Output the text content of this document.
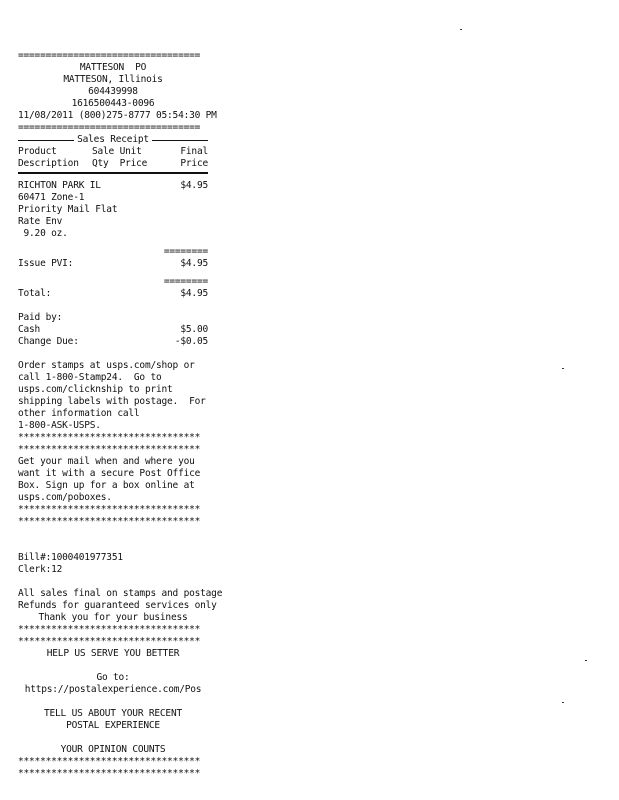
=================================
MATTESON  PO
MATTESON, Illinois
604439998
1616500443-0096
11/08/2011 (800)275-8777 05:54:30 PM
=================================
Sales Receipt
Product	Sale Unit	Final
Description	Qty  Price	Price
RICHTON PARK IL	$4.95
60471 Zone-1
Priority Mail Flat
Rate Env
9.20 oz.
========
Issue PVI:	$4.95
========
Total:	$4.95
Paid by:
Cash	$5.00
Change Due:	-$0.05
Order stamps at usps.com/shop or
call 1-800-Stamp24.  Go to
usps.com/clicknship to print
shipping labels with postage.  For
other information call
1-800-ASK-USPS.
*********************************
*********************************
Get your mail when and where you
want it with a secure Post Office
Box. Sign up for a box online at
usps.com/poboxes.
*********************************
*********************************
Bill#:1000401977351
Clerk:12
All sales final on stamps and postage
Refunds for guaranteed services only
Thank you for your business
*********************************
*********************************
HELP US SERVE YOU BETTER
Go to:
https://postalexperience.com/Pos
TELL US ABOUT YOUR RECENT
POSTAL EXPERIENCE
YOUR OPINION COUNTS
*********************************
*********************************
